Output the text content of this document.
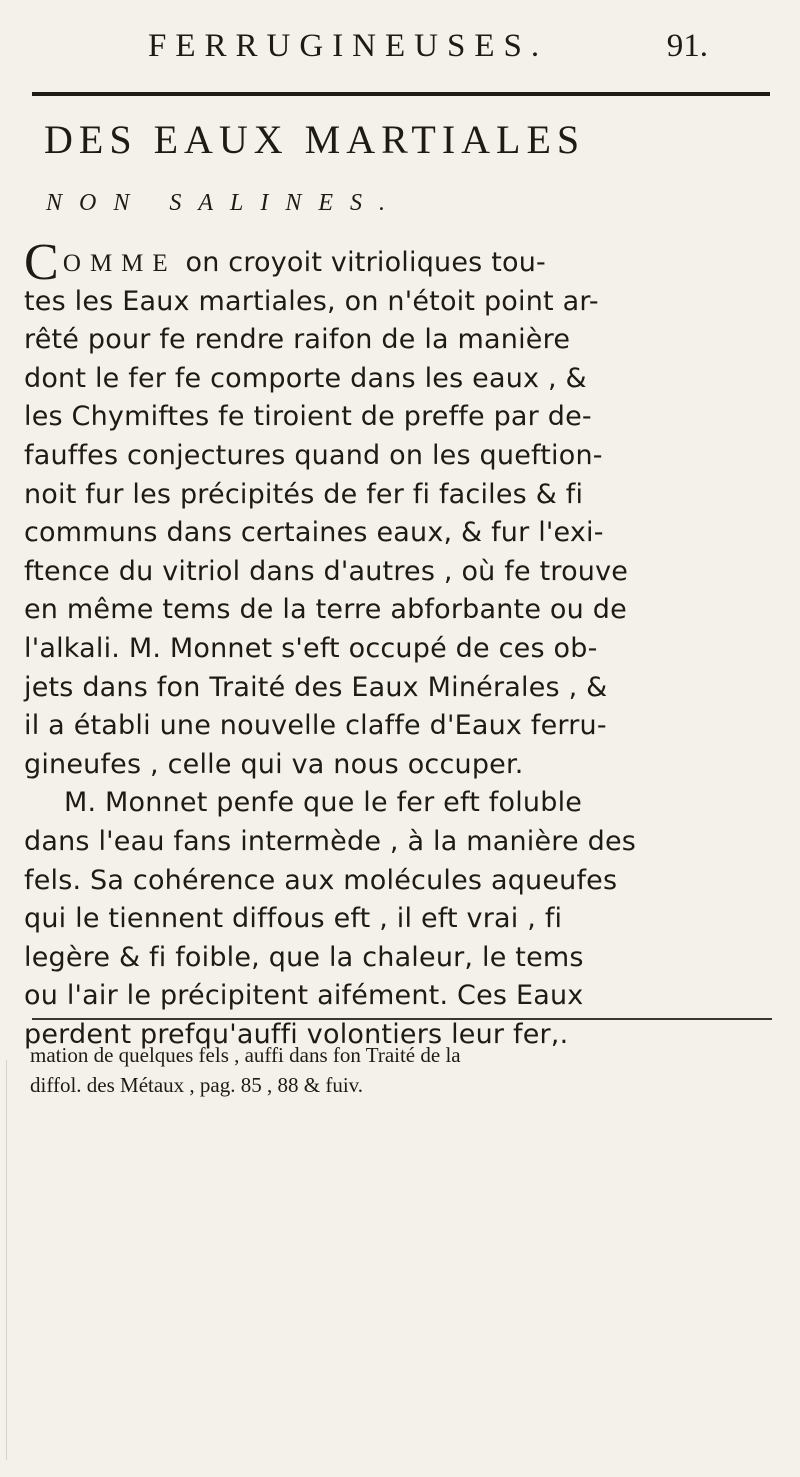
FERRUGINEUSES.	91.
DES EAUX MARTIALES
NON SALINES.
COMME on croyoit vitrioliques tou-
tes les Eaux martiales, on n'étoit point ar-
rêté pour fe rendre raifon de la manière
dont le fer fe comporte dans les eaux , &
les Chymiftes fe tiroient de preffe par de-
fauffes conjectures quand on les queftion-
noit fur les précipités de fer fi faciles & fi
communs dans certaines eaux, & fur l'exi-
ftence du vitriol dans d'autres , où fe trouve
en même tems de la terre abforbante ou de
l'alkali. M. Monnet s'eft occupé de ces ob-
jets dans fon Traité des Eaux Minérales , &
il a établi une nouvelle claffe d'Eaux ferru-
gineufes , celle qui va nous occuper.
M. Monnet penfe que le fer eft foluble
dans l'eau fans intermède , à la manière des
fels. Sa cohérence aux molécules aqueufes
qui le tiennent diffous eft , il eft vrai , fi
legère & fi foible, que la chaleur, le tems
ou l'air le précipitent aifément. Ces Eaux
perdent prefqu'auffi volontiers leur fer,.
mation de quelques fels , auffi dans fon Traité de la
diffol. des Métaux , pag. 85 , 88 & fuiv.
